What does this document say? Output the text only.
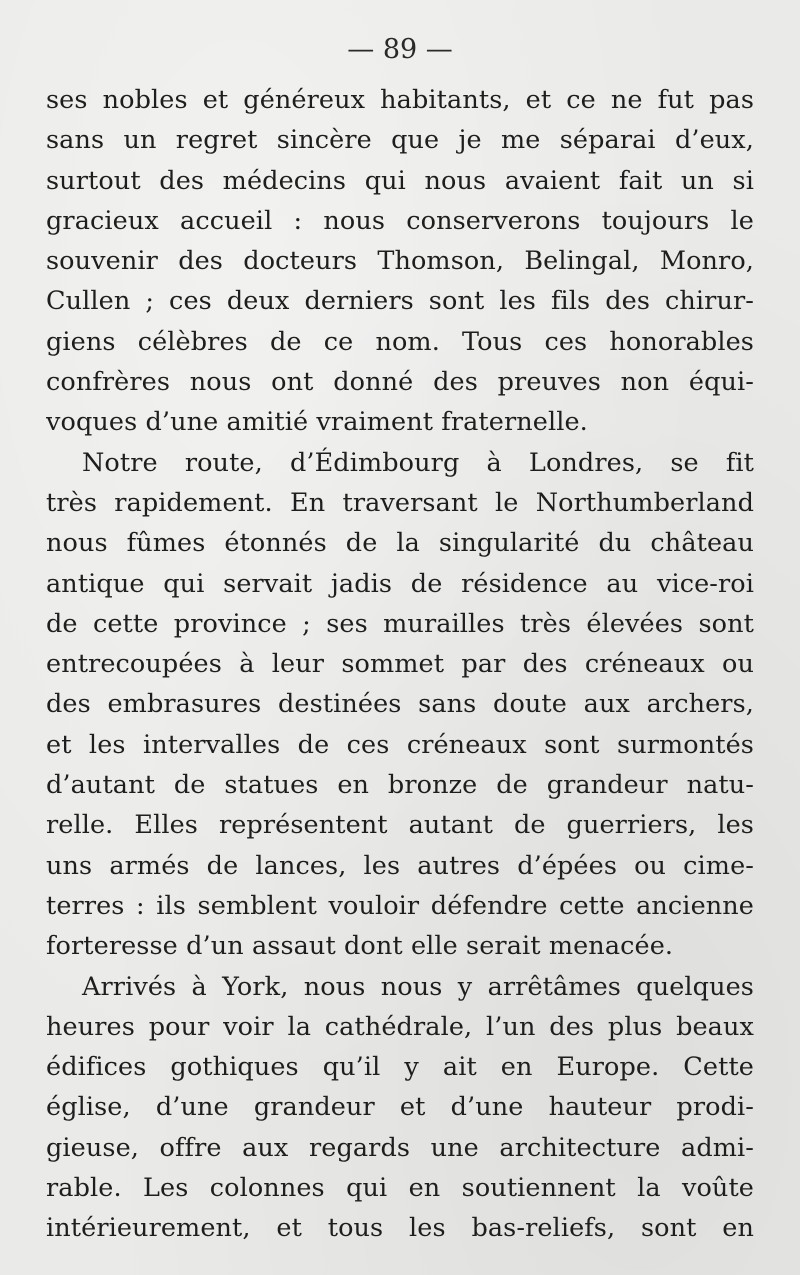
— 89 —
ses nobles et généreux habitants, et ce ne fut pas
sans un regret sincère que je me séparai d’eux,
surtout des médecins qui nous avaient fait un si
gracieux accueil : nous conserverons toujours le
souvenir des docteurs Thomson, Belingal, Monro,
Cullen ; ces deux derniers sont les fils des chirur-
giens célèbres de ce nom. Tous ces honorables
confrères nous ont donné des preuves non équi-
voques d’une amitié vraiment fraternelle.
Notre route, d’Édimbourg à Londres, se fit
très rapidement. En traversant le Northumberland
nous fûmes étonnés de la singularité du château
antique qui servait jadis de résidence au vice-roi
de cette province ; ses murailles très élevées sont
entrecoupées à leur sommet par des créneaux ou
des embrasures destinées sans doute aux archers,
et les intervalles de ces créneaux sont surmontés
d’autant de statues en bronze de grandeur natu-
relle. Elles représentent autant de guerriers, les
uns armés de lances, les autres d’épées ou cime-
terres : ils semblent vouloir défendre cette ancienne
forteresse d’un assaut dont elle serait menacée.
Arrivés à York, nous nous y arrêtâmes quelques
heures pour voir la cathédrale, l’un des plus beaux
édifices gothiques qu’il y ait en Europe. Cette
église, d’une grandeur et d’une hauteur prodi-
gieuse, offre aux regards une architecture admi-
rable. Les colonnes qui en soutiennent la voûte
intérieurement, et tous les bas-reliefs, sont en
